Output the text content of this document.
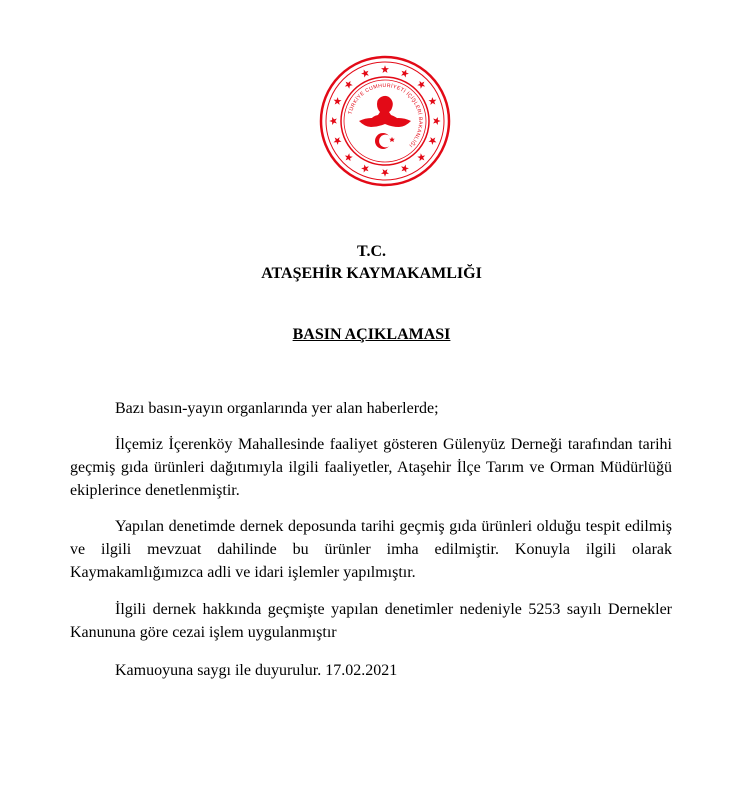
TÜRKİYE CUMHURİYETİ İÇİŞLERİ BAKANLIĞI
T.C.
ATAŞEHİR KAYMAKAMLIĞI
BASIN AÇIKLAMASI

Bazı basın-yayın organlarında yer alan haberlerde;

İlçemiz İçerenköy Mahallesinde faaliyet gösteren Gülenyüz Derneği tarafından tarihi geçmiş gıda ürünleri dağıtımıyla ilgili faaliyetler, Ataşehir İlçe Tarım ve Orman Müdürlüğü ekiplerince denetlenmiştir.

Yapılan denetimde dernek deposunda tarihi geçmiş gıda ürünleri olduğu tespit edilmiş ve ilgili mevzuat dahilinde bu ürünler imha edilmiştir. Konuyla ilgili olarak Kaymakamlığımızca adli ve idari işlemler yapılmıştır.

İlgili dernek hakkında geçmişte yapılan denetimler nedeniyle 5253 sayılı Dernekler Kanununa göre cezai işlem uygulanmıştır

Kamuoyuna saygı ile duyurulur. 17.02.2021
